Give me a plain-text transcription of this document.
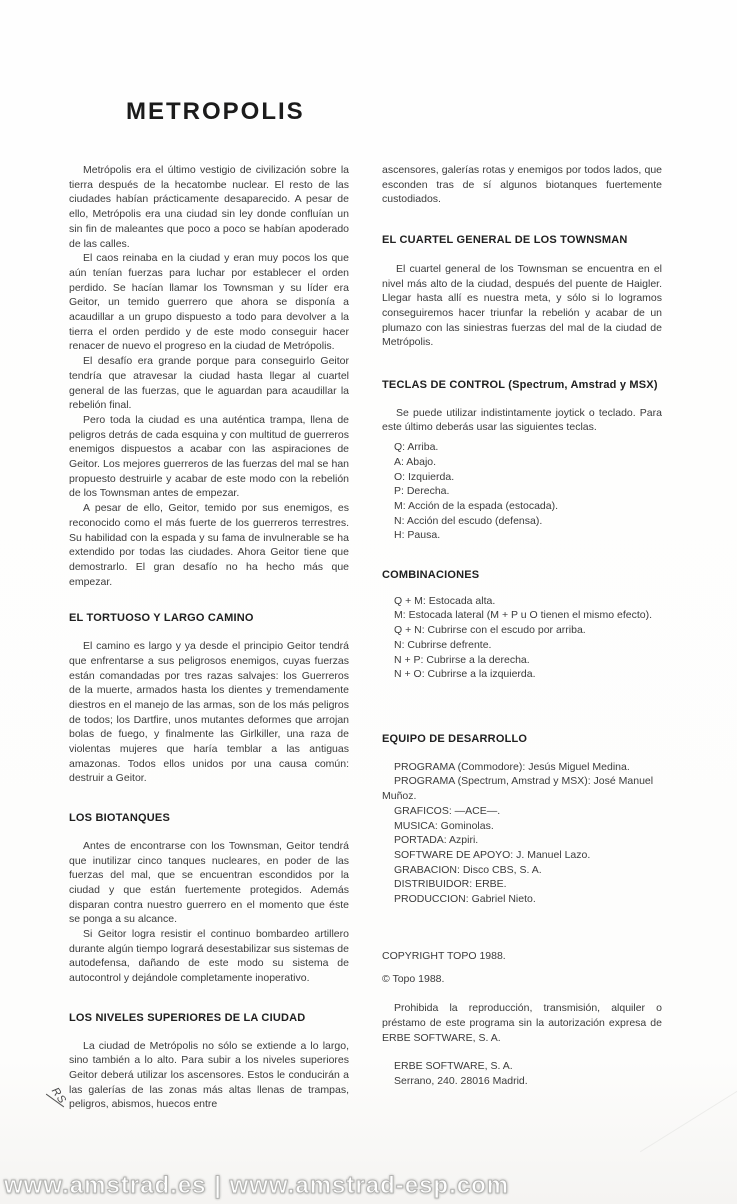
METROPOLIS

Metrópolis era el último vestigio de civilización sobre la tierra después de la hecatombe nuclear. El resto de las ciudades habían prácticamente desaparecido. A pesar de ello, Metrópolis era una ciudad sin ley donde confluían un sin fin de maleantes que poco a poco se habían apoderado de las calles.

El caos reinaba en la ciudad y eran muy pocos los que aún tenían fuerzas para luchar por establecer el orden perdido. Se hacían llamar los Townsman y su líder era Geitor, un temido guerrero que ahora se disponía a acaudillar a un grupo dispuesto a todo para devolver a la tierra el orden perdido y de este modo conseguir hacer renacer de nuevo el progreso en la ciudad de Metrópolis.

El desafío era grande porque para conseguirlo Geitor tendría que atravesar la ciudad hasta llegar al cuartel general de las fuerzas, que le aguardan para acaudillar la rebelión final.

Pero toda la ciudad es una auténtica trampa, llena de peligros detrás de cada esquina y con multitud de guerreros enemigos dispuestos a acabar con las aspiraciones de Geitor. Los mejores guerreros de las fuerzas del mal se han propuesto destruirle y acabar de este modo con la rebelión de los Townsman antes de empezar.

A pesar de ello, Geitor, temido por sus enemigos, es reconocido como el más fuerte de los guerreros terrestres. Su habilidad con la espada y su fama de invulnerable se ha extendido por todas las ciudades. Ahora Geitor tiene que demostrarlo. El gran desafío no ha hecho más que empezar.

EL TORTUOSO Y LARGO CAMINO

El camino es largo y ya desde el principio Geitor tendrá que enfrentarse a sus peligrosos enemigos, cuyas fuerzas están comandadas por tres razas salvajes: los Guerreros de la muerte, armados hasta los dientes y tremendamente diestros en el manejo de las armas, son de los más peligros de todos; los Dartfire, unos mutantes deformes que arrojan bolas de fuego, y finalmente las Girlkiller, una raza de violentas mujeres que haría temblar a las antiguas amazonas. Todos ellos unidos por una causa común: destruir a Geitor.

LOS BIOTANQUES

Antes de encontrarse con los Townsman, Geitor tendrá que inutilizar cinco tanques nucleares, en poder de las fuerzas del mal, que se encuentran escondidos por la ciudad y que están fuertemente protegidos. Además disparan contra nuestro guerrero en el momento que éste se ponga a su alcance.

Si Geitor logra resistir el continuo bombardeo artillero durante algún tiempo logrará desestabilizar sus sistemas de autodefensa, dañando de este modo su sistema de autocontrol y dejándole completamente inoperativo.

LOS NIVELES SUPERIORES DE LA CIUDAD

La ciudad de Metrópolis no sólo se extiende a lo largo, sino también a lo alto. Para subir a los niveles superiores Geitor deberá utilizar los ascensores. Estos le conducirán a las galerías de las zonas más altas llenas de trampas, peligros, abismos, huecos entre

ascensores, galerías rotas y enemigos por todos lados, que esconden tras de sí algunos biotanques fuertemente custodiados.

EL CUARTEL GENERAL DE LOS TOWNSMAN

El cuartel general de los Townsman se encuentra en el nivel más alto de la ciudad, después del puente de Haigler. Llegar hasta allí es nuestra meta, y sólo si lo logramos conseguiremos hacer triunfar la rebelión y acabar de un plumazo con las siniestras fuerzas del mal de la ciudad de Metrópolis.

TECLAS DE CONTROL (Spectrum, Amstrad y MSX)

Se puede utilizar indistintamente joytick o teclado. Para este último deberás usar las siguientes teclas.

Q: Arriba.
A: Abajo.
O: Izquierda.
P: Derecha.
M: Acción de la espada (estocada).
N: Acción del escudo (defensa).
H: Pausa.
COMBINACIONES
Q + M: Estocada alta.
M: Estocada lateral (M + P u O tienen el mismo efecto).
Q + N: Cubrirse con el escudo por arriba.
N: Cubrirse defrente.
N + P: Cubrirse a la derecha.
N + O: Cubrirse a la izquierda.
EQUIPO DE DESARROLLO
PROGRAMA (Commodore): Jesús Miguel Medina.
PROGRAMA (Spectrum, Amstrad y MSX): José Manuel Muñoz.
GRAFICOS: —ACE—.
MUSICA: Gominolas.
PORTADA: Azpiri.
SOFTWARE DE APOYO: J. Manuel Lazo.
GRABACION: Disco CBS, S. A.
DISTRIBUIDOR: ERBE.
PRODUCCION: Gabriel Nieto.

COPYRIGHT TOPO 1988.

© Topo 1988.

Prohibida la reproducción, transmisión, alquiler o préstamo de este programa sin la autorización expresa de ERBE SOFTWARE, S. A.

ERBE SOFTWARE, S. A.
Serrano, 240. 28016 Madrid.
RS
www.amstrad.es | www.amstrad-esp.com
